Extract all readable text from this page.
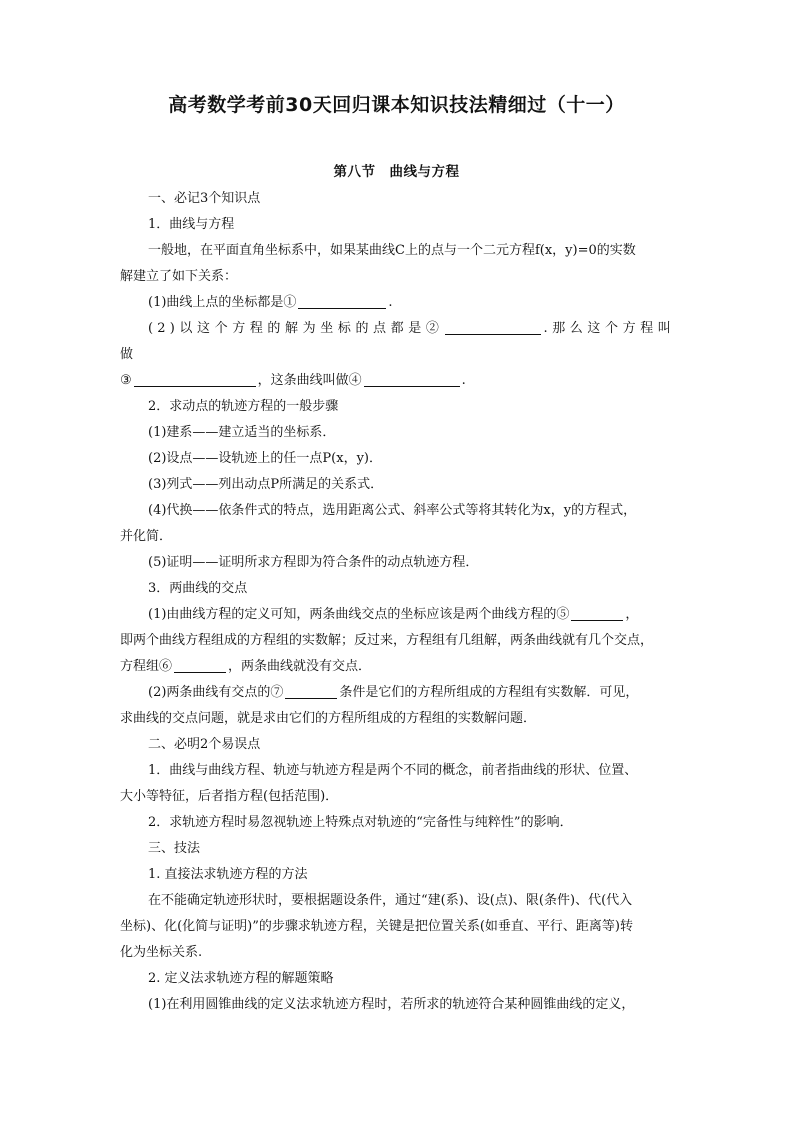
高考数学考前30天回归课本知识技法精细过（十一）
第八节　曲线与方程

一、必记3个知识点

1．曲线与方程

一般地，在平面直角坐标系中，如果某曲线C上的点与一个二元方程f(x，y)=0的实数

解建立了如下关系：

(1)曲线上点的坐标都是①	.

(2)以这个方程的解为坐标的点都是②	.那么这个方程叫做

③	，这条曲线叫做④	.

2．求动点的轨迹方程的一般步骤

(1)建系——建立适当的坐标系．

(2)设点——设轨迹上的任一点P(x，y)．

(3)列式——列出动点P所满足的关系式．

(4)代换——依条件式的特点，选用距离公式、斜率公式等将其转化为x，y的方程式，

并化简．

(5)证明——证明所求方程即为符合条件的动点轨迹方程．

3．两曲线的交点

(1)由曲线方程的定义可知，两条曲线交点的坐标应该是两个曲线方程的⑤	，

即两个曲线方程组成的方程组的实数解；反过来，方程组有几组解，两条曲线就有几个交点，

方程组⑥	，两条曲线就没有交点．

(2)两条曲线有交点的⑦	条件是它们的方程所组成的方程组有实数解．可见，

求曲线的交点问题，就是求由它们的方程所组成的方程组的实数解问题．

二、必明2个易误点

1．曲线与曲线方程、轨迹与轨迹方程是两个不同的概念，前者指曲线的形状、位置、

大小等特征，后者指方程(包括范围)．

2．求轨迹方程时易忽视轨迹上特殊点对轨迹的“完备性与纯粹性”的影响．

三、技法

1. 直接法求轨迹方程的方法

在不能确定轨迹形状时，要根据题设条件，通过“建(系)、设(点)、限(条件)、代(代入

坐标)、化(化简与证明)”的步骤求轨迹方程，关键是把位置关系(如垂直、平行、距离等)转

化为坐标关系.

2. 定义法求轨迹方程的解题策略

(1)在利用圆锥曲线的定义法求轨迹方程时，若所求的轨迹符合某种圆锥曲线的定义，
